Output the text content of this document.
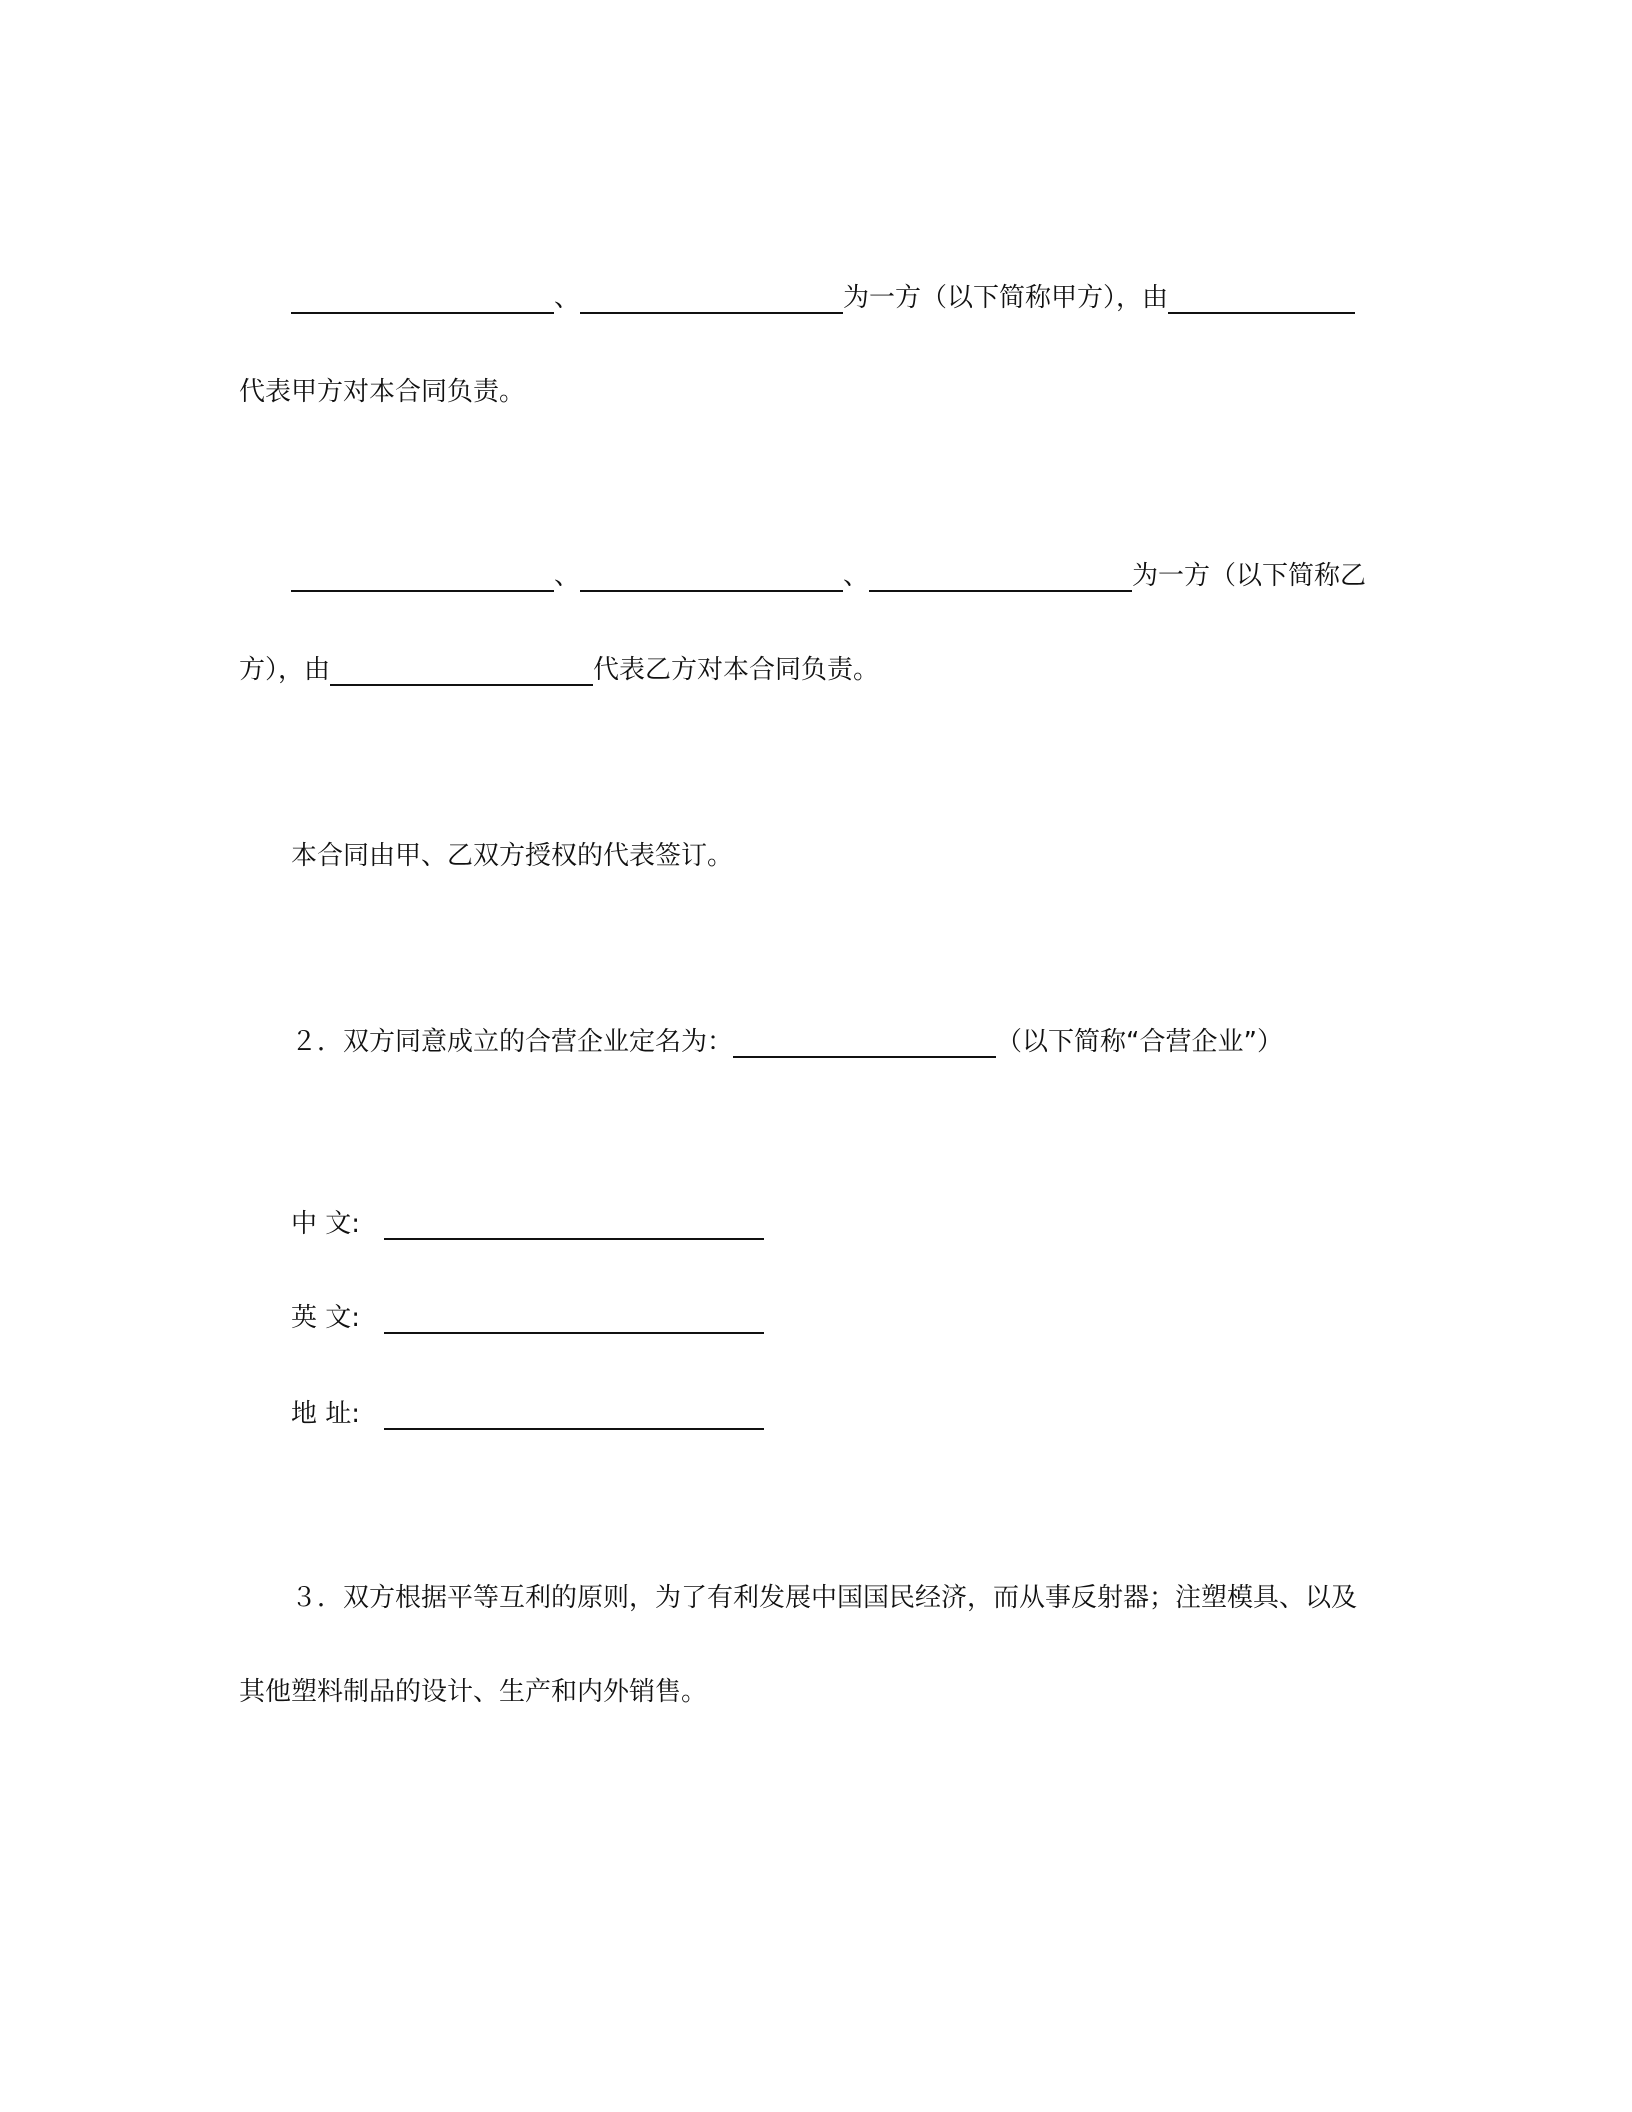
、	为一方（以下简称甲方），由
代表甲方对本合同负责。
、	、	为一方（以下简称乙
方），由	代表乙方对本合同负责。
本合同由甲、乙双方授权的代表签订。
２．双方同意成立的合营企业定名为：	（以下简称“合营企业”）
中 文:
英 文:
地 址:
３．双方根据平等互利的原则，为了有利发展中国国民经济，而从事反射器；注塑模具、以及
其他塑料制品的设计、生产和内外销售。
